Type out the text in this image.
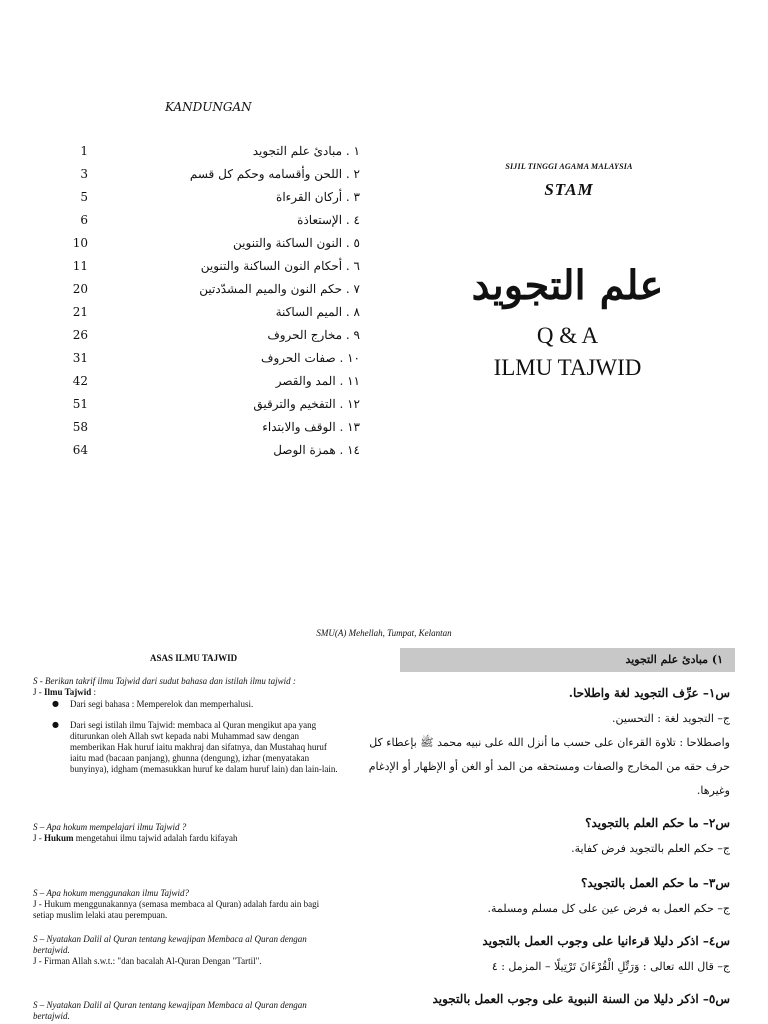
KANDUNGAN
1	١ . مبادئ علم التجويد
3	٢ . اللحن وأقسامه وحكم كل قسم
5	٣ . أركان القرءاة
6	٤ . الإستعاذة
10	٥ . النون الساكنة والتنوين
11	٦ . أحكام النون الساكنة والتنوين
20	٧ . حكم النون والميم المشدّدتين
21	٨ . الميم الساكنة
26	٩ . مخارج الحروف
31	١٠ . صفات الحروف
42	١١ . المد والقصر
51	١٢ . التفخيم والترقيق
58	١٣ . الوقف والابتداء
64	١٤ . همزة الوصل
SIJIL TINGGI AGAMA MALAYSIA
STAM
علم التجويد
Q & A
ILMU TAJWID
SMU(A) Mehellah, Tumpat, Kelantan
ASAS ILMU TAJWID
S - Berikan takrif ilmu Tajwid dari sudut bahasa dan istilah ilmu tajwid :
J - Ilmu Tajwid :
● Dari segi bahasa : Memperelok dan memperhalusi.
● Dari segi istilah ilmu Tajwid: membaca al Quran mengikut apa yang
diturunkan oleh Allah swt kepada nabi Muhammad saw dengan
memberikan Hak huruf iaitu makhraj dan sifatnya, dan Mustahaq huruf
iaitu mad (bacaan panjang), ghunna (dengung), izhar (menyatakan
bunyinya), idgham (memasukkan huruf ke dalam huruf lain) dan lain-lain.
S – Apa hokum mempelajari ilmu Tajwid ?
J - Hukum mengetahui ilmu tajwid adalah fardu kifayah
S – Apa hokum menggunakan ilmu Tajwid?
J - Hukum menggunakannya (semasa membaca al Quran) adalah fardu ain bagi
setiap muslim lelaki atau perempuan.
S – Nyatakan Dalil al Quran tentang kewajipan Membaca al Quran dengan
bertajwid.
J - Firman Allah s.w.t.: "dan bacalah Al-Quran Dengan "Tartil".
S – Nyatakan Dalil al Quran tentang kewajipan Membaca al Quran dengan
bertajwid.
١) مبادئ علم التجويد
س١– عرِّف التجويد لغة واطلاحا.
ج– التجويد لغة : التحسين.
واصطلاحا : تلاوة القرءان على حسب ما أنزل الله على نبيه محمد ﷺ بإعطاء كل
حرف حقه من المخارج والصفات ومستحقه من المد أو الغن أو الإظهار أو الإدغام
وغيرها.
س٢– ما حكم العلم بالتجويد؟
ج– حكم العلم بالتجويد فرض كفاية.
س٣– ما حكم العمل بالتجويد؟
ج– حكم العمل به فرض عين على كل مسلم ومسلمة.
س٤– اذكر دليلا قرءانيا على وجوب العمل بالتجويد
ج– قال الله تعالى : وَرَتِّلِ الْقُرْءَانَ تَرْتِيلًا – المزمل : ٤
س٥– اذكر دليلا من السنة النبوية على وجوب العمل بالتجويد
